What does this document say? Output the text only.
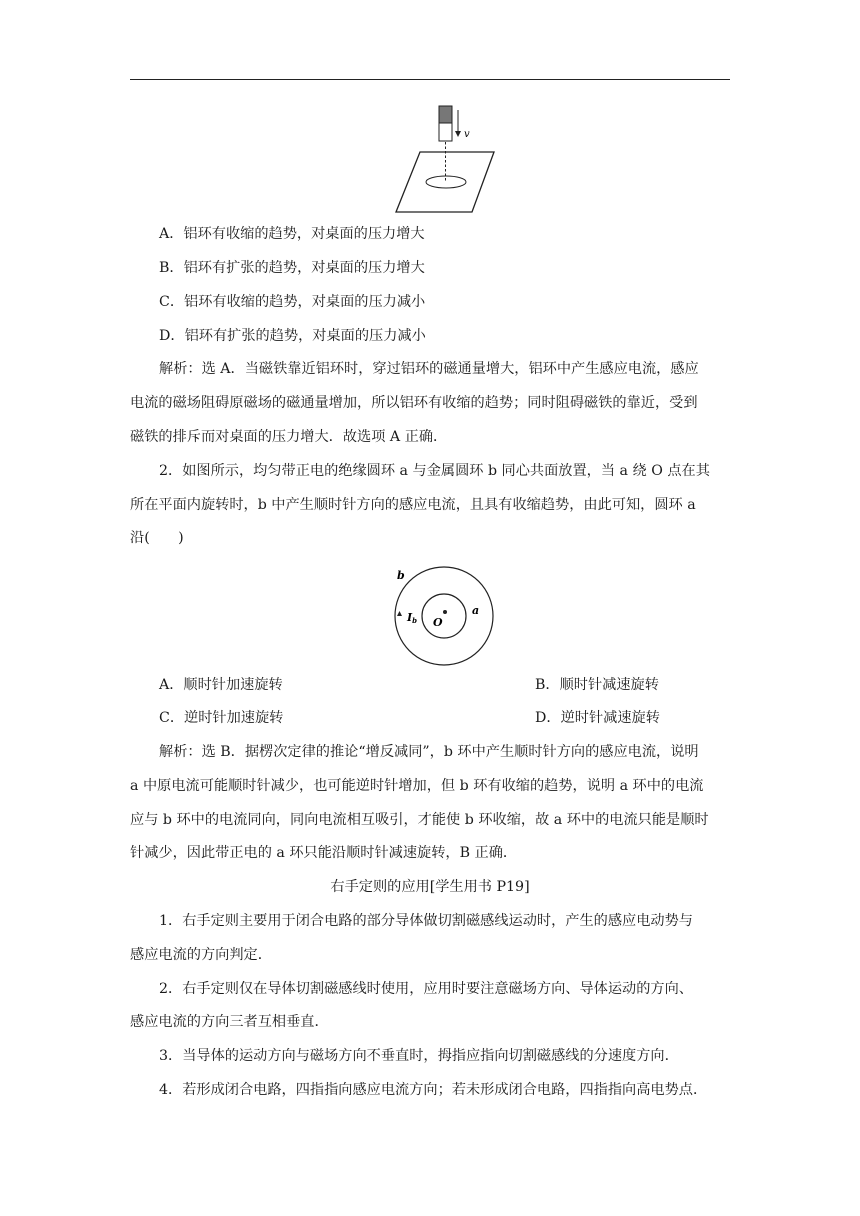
v
A．铝环有收缩的趋势，对桌面的压力增大
B．铝环有扩张的趋势，对桌面的压力增大
C．铝环有收缩的趋势，对桌面的压力减小
D．铝环有扩张的趋势，对桌面的压力减小
解析：选 A．当磁铁靠近铝环时，穿过铝环的磁通量增大，铝环中产生感应电流，感应
电流的磁场阻碍原磁场的磁通量增加，所以铝环有收缩的趋势；同时阻碍磁铁的靠近，受到
磁铁的排斥而对桌面的压力增大．故选项 A 正确．
2．如图所示，均匀带正电的绝缘圆环 a 与金属圆环 b 同心共面放置，当 a 绕 O 点在其
所在平面内旋转时，b 中产生顺时针方向的感应电流，且具有收缩趋势，由此可知，圆环 a
沿(　　)
b
a
O
Ib
A．顺时针加速旋转	B．顺时针减速旋转
C．逆时针加速旋转	D．逆时针减速旋转
解析：选 B．据楞次定律的推论“增反减同”，b 环中产生顺时针方向的感应电流，说明
a 中原电流可能顺时针减少，也可能逆时针增加，但 b 环有收缩的趋势，说明 a 环中的电流
应与 b 环中的电流同向，同向电流相互吸引，才能使 b 环收缩，故 a 环中的电流只能是顺时
针减少，因此带正电的 a 环只能沿顺时针减速旋转，B 正确．
右手定则的应用[学生用书 P19]
1．右手定则主要用于闭合电路的部分导体做切割磁感线运动时，产生的感应电动势与
感应电流的方向判定．
2．右手定则仅在导体切割磁感线时使用，应用时要注意磁场方向、导体运动的方向、
感应电流的方向三者互相垂直．
3．当导体的运动方向与磁场方向不垂直时，拇指应指向切割磁感线的分速度方向．
4．若形成闭合电路，四指指向感应电流方向；若未形成闭合电路，四指指向高电势点．
